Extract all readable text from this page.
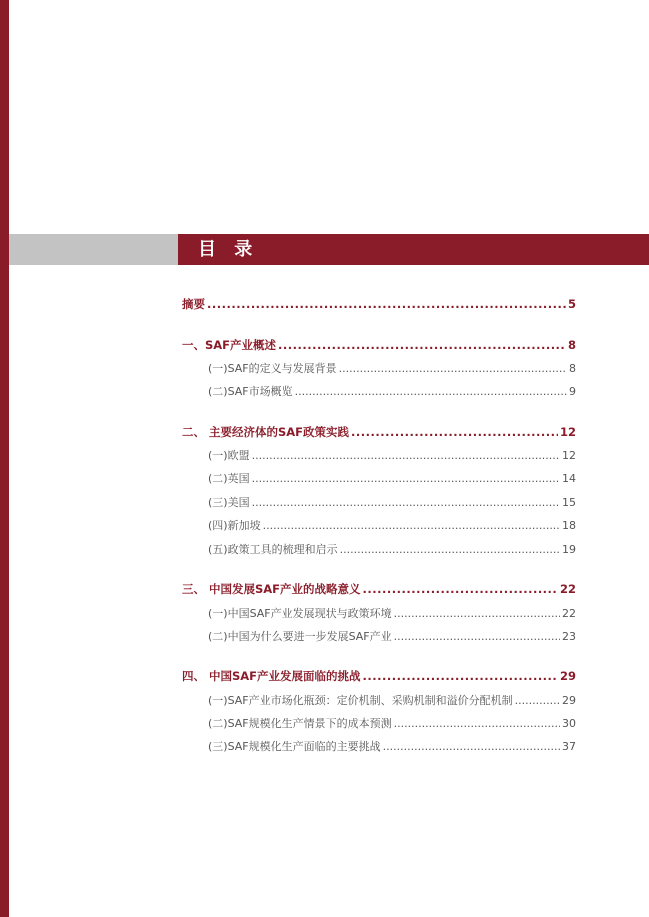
目 录
摘要 .....	5
一、SAF产业概述 .....	8
(一)SAF的定义与发展背景 .....	8
(二)SAF市场概览 .....	9
二、 主要经济体的SAF政策实践 .....	12
(一)欧盟 .....	12
(二)英国 .....	14
(三)美国 .....	15
(四)新加坡 .....	18
(五)政策工具的梳理和启示 .....	19
三、 中国发展SAF产业的战略意义 .....	22
(一)中国SAF产业发展现状与政策环境 .....	22
(二)中国为什么要进一步发展SAF产业 .....	23
四、 中国SAF产业发展面临的挑战 .....	29
(一)SAF产业市场化瓶颈：定价机制、采购机制和溢价分配机制 .....	29
(二)SAF规模化生产情景下的成本预测 .....	30
(三)SAF规模化生产面临的主要挑战 .....	37
